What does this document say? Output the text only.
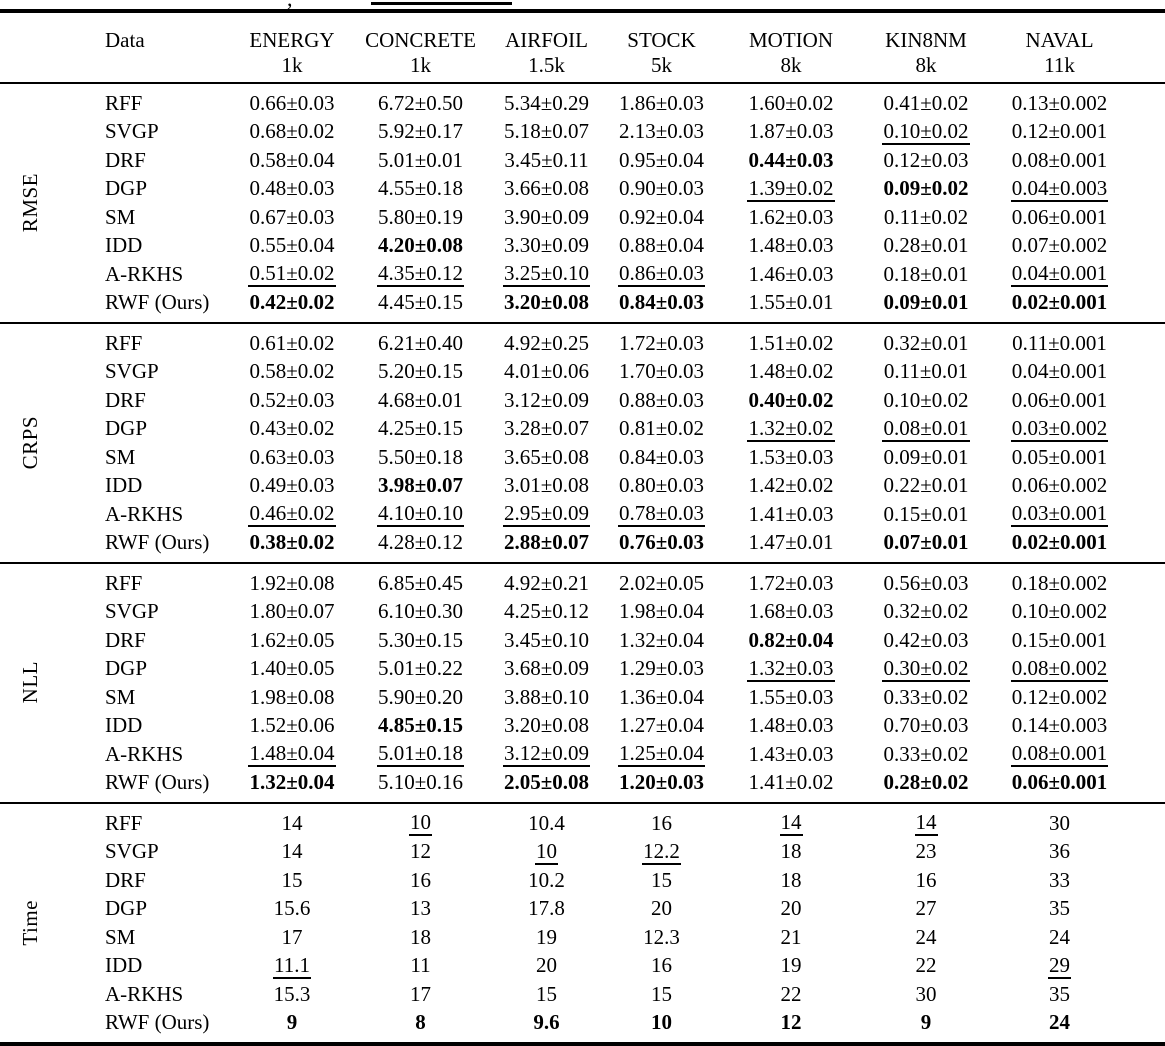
	Data	ENERGY	CONCRETE	AIRFOIL	STOCK	MOTION	KIN8NM	NAVAL	
		1k	1k	1.5k	5k	8k	8k	11k	
RMSE	RFF	0.66±0.03	6.72±0.50	5.34±0.29	1.86±0.03	1.60±0.02	0.41±0.02	0.13±0.002	
	SVGP	0.68±0.02	5.92±0.17	5.18±0.07	2.13±0.03	1.87±0.03	0.10±0.02	0.12±0.001	
	DRF	0.58±0.04	5.01±0.01	3.45±0.11	0.95±0.04	0.44±0.03	0.12±0.03	0.08±0.001	
	DGP	0.48±0.03	4.55±0.18	3.66±0.08	0.90±0.03	1.39±0.02	0.09±0.02	0.04±0.003	
	SM	0.67±0.03	5.80±0.19	3.90±0.09	0.92±0.04	1.62±0.03	0.11±0.02	0.06±0.001	
	IDD	0.55±0.04	4.20±0.08	3.30±0.09	0.88±0.04	1.48±0.03	0.28±0.01	0.07±0.002	
	A-RKHS	0.51±0.02	4.35±0.12	3.25±0.10	0.86±0.03	1.46±0.03	0.18±0.01	0.04±0.001	
	RWF (Ours)	0.42±0.02	4.45±0.15	3.20±0.08	0.84±0.03	1.55±0.01	0.09±0.01	0.02±0.001	
CRPS	RFF	0.61±0.02	6.21±0.40	4.92±0.25	1.72±0.03	1.51±0.02	0.32±0.01	0.11±0.001	
	SVGP	0.58±0.02	5.20±0.15	4.01±0.06	1.70±0.03	1.48±0.02	0.11±0.01	0.04±0.001	
	DRF	0.52±0.03	4.68±0.01	3.12±0.09	0.88±0.03	0.40±0.02	0.10±0.02	0.06±0.001	
	DGP	0.43±0.02	4.25±0.15	3.28±0.07	0.81±0.02	1.32±0.02	0.08±0.01	0.03±0.002	
	SM	0.63±0.03	5.50±0.18	3.65±0.08	0.84±0.03	1.53±0.03	0.09±0.01	0.05±0.001	
	IDD	0.49±0.03	3.98±0.07	3.01±0.08	0.80±0.03	1.42±0.02	0.22±0.01	0.06±0.002	
	A-RKHS	0.46±0.02	4.10±0.10	2.95±0.09	0.78±0.03	1.41±0.03	0.15±0.01	0.03±0.001	
	RWF (Ours)	0.38±0.02	4.28±0.12	2.88±0.07	0.76±0.03	1.47±0.01	0.07±0.01	0.02±0.001	
NLL	RFF	1.92±0.08	6.85±0.45	4.92±0.21	2.02±0.05	1.72±0.03	0.56±0.03	0.18±0.002	
	SVGP	1.80±0.07	6.10±0.30	4.25±0.12	1.98±0.04	1.68±0.03	0.32±0.02	0.10±0.002	
	DRF	1.62±0.05	5.30±0.15	3.45±0.10	1.32±0.04	0.82±0.04	0.42±0.03	0.15±0.001	
	DGP	1.40±0.05	5.01±0.22	3.68±0.09	1.29±0.03	1.32±0.03	0.30±0.02	0.08±0.002	
	SM	1.98±0.08	5.90±0.20	3.88±0.10	1.36±0.04	1.55±0.03	0.33±0.02	0.12±0.002	
	IDD	1.52±0.06	4.85±0.15	3.20±0.08	1.27±0.04	1.48±0.03	0.70±0.03	0.14±0.003	
	A-RKHS	1.48±0.04	5.01±0.18	3.12±0.09	1.25±0.04	1.43±0.03	0.33±0.02	0.08±0.001	
	RWF (Ours)	1.32±0.04	5.10±0.16	2.05±0.08	1.20±0.03	1.41±0.02	0.28±0.02	0.06±0.001	
Time	RFF	14	10	10.4	16	14	14	30	
	SVGP	14	12	10	12.2	18	23	36	
	DRF	15	16	10.2	15	18	16	33	
	DGP	15.6	13	17.8	20	20	27	35	
	SM	17	18	19	12.3	21	24	24	
	IDD	11.1	11	20	16	19	22	29	
	A-RKHS	15.3	17	15	15	22	30	35	
	RWF (Ours)	9	8	9.6	10	12	9	24	
